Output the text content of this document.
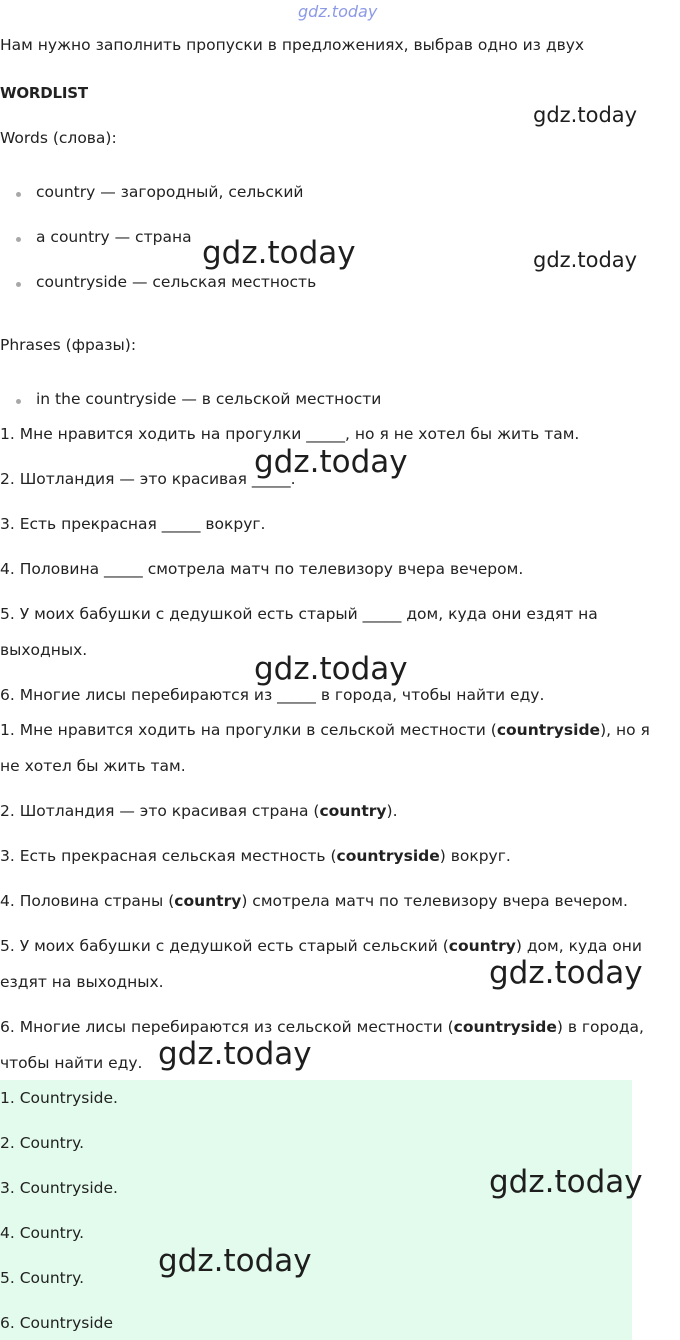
gdz.today
Нам нужно заполнить пропуски в предложениях, выбрав одно из двух
WORDLIST
Words (слова):
country — загородный, сельский
a country — страна
countryside — сельская местность
Phrases (фразы):
in the countryside — в сельской местности
1. Мне нравится ходить на прогулки _____, но я не хотел бы жить там.
2. Шотландия — это красивая _____.
3. Есть прекрасная _____ вокруг.
4. Половина _____ смотрела матч по телевизору вчера вечером.
5. У моих бабушки с дедушкой есть старый _____ дом, куда они ездят на
выходных.
6. Многие лисы перебираются из _____ в города, чтобы найти еду.
1. Мне нравится ходить на прогулки в сельской местности (countryside), но я
не хотел бы жить там.
2. Шотландия — это красивая страна (country).
3. Есть прекрасная сельская местность (countryside) вокруг.
4. Половина страны (country) смотрела матч по телевизору вчера вечером.
5. У моих бабушки с дедушкой есть старый сельский (country) дом, куда они
ездят на выходных.
6. Многие лисы перебираются из сельской местности (countryside) в города,
чтобы найти еду.
1. Countryside.
2. Country.
3. Countryside.
4. Country.
5. Country.
6. Countryside
gdz.today
gdz.today	gdz.today
gdz.today
gdz.today
gdz.today
gdz.today
gdz.today
gdz.today
